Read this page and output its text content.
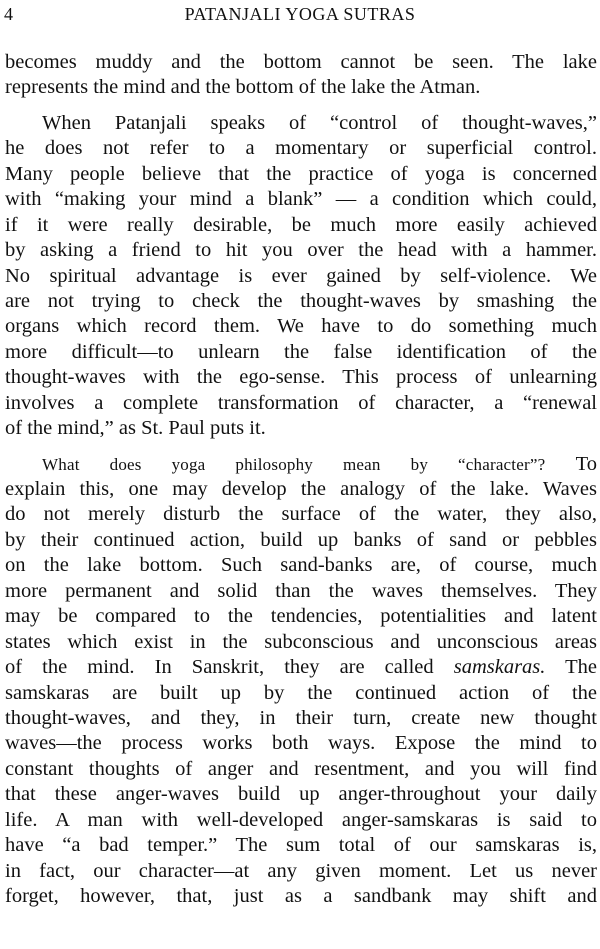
4	PATANJALI YOGA SUTRAS
becomes muddy and the bottom cannot be seen. The lake
represents the mind and the bottom of the lake the Atman.
When Patanjali speaks of “control of thought-waves,”
he does not refer to a momentary or superficial control.
Many people believe that the practice of yoga is concerned
with “making your mind a blank” — a condition which could,
if it were really desirable, be much more easily achieved
by asking a friend to hit you over the head with a hammer.
No spiritual advantage is ever gained by self-violence. We
are not trying to check the thought-waves by smashing the
organs which record them. We have to do something much
more difficult—to unlearn the false identification of the
thought-waves with the ego-sense. This process of unlearning
involves a complete transformation of character, a “renewal
of the mind,” as St. Paul puts it.
What does yoga philosophy mean by “character”? To
explain this, one may develop the analogy of the lake. Waves
do not merely disturb the surface of the water, they also,
by their continued action, build up banks of sand or pebbles
on the lake bottom. Such sand-banks are, of course, much
more permanent and solid than the waves themselves. They
may be compared to the tendencies, potentialities and latent
states which exist in the subconscious and unconscious areas
of the mind. In Sanskrit, they are called samskaras. The
samskaras are built up by the continued action of the
thought-waves, and they, in their turn, create new thought
waves—the process works both ways. Expose the mind to
constant thoughts of anger and resentment, and you will find
that these anger-waves build up anger-throughout your daily
life. A man with well-developed anger-samskaras is said to
have “a bad temper.” The sum total of our samskaras is,
in fact, our character—at any given moment. Let us never
forget, however, that, just as a sandbank may shift and
